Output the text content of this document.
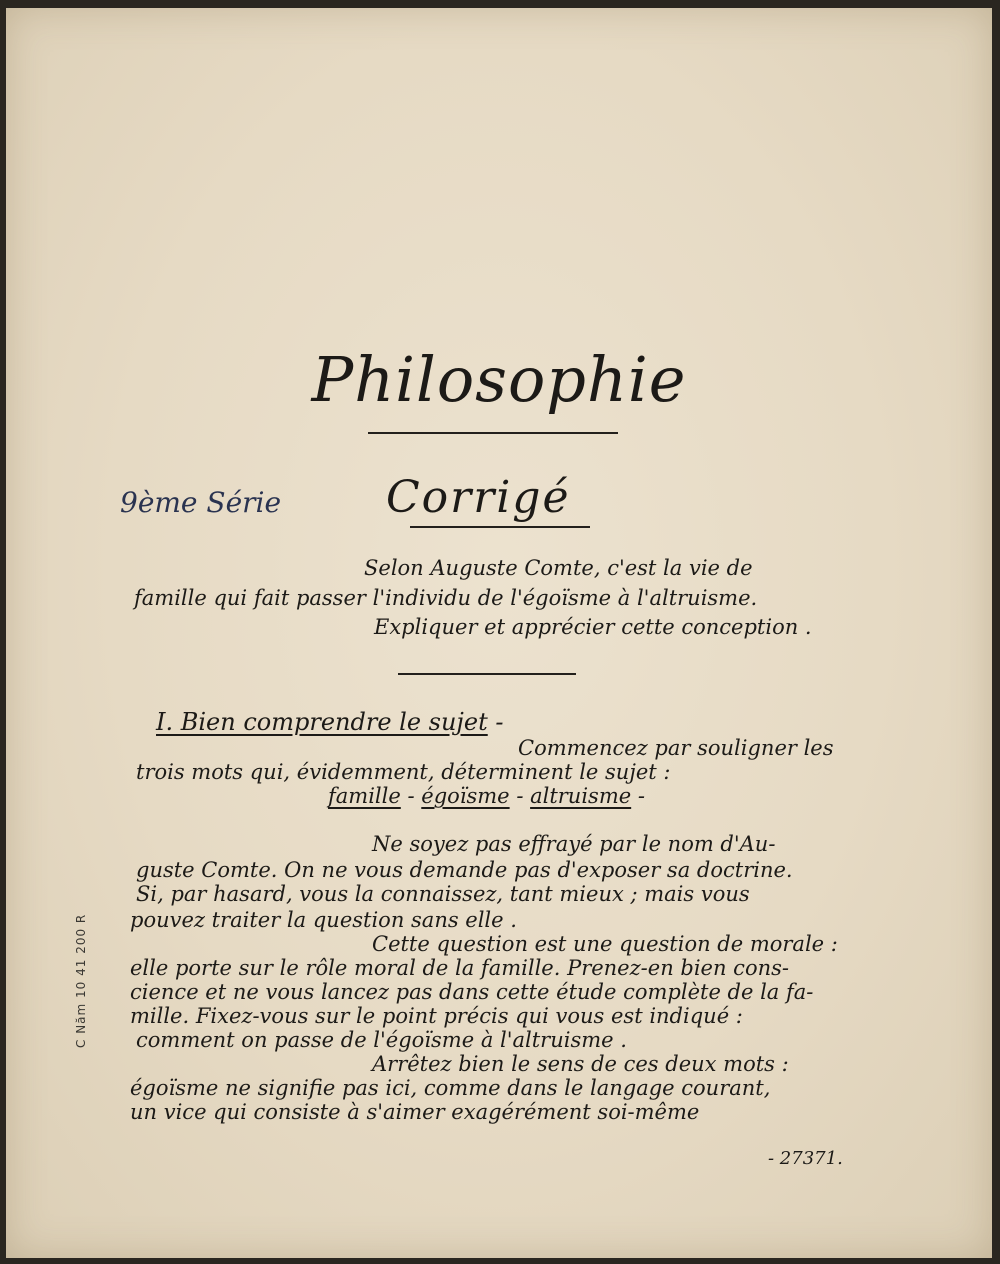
Philosophie
9ème Série Corrigé
Selon Auguste Comte, c'est la vie de
famille qui fait passer l'individu de l'égoïsme à l'altruisme.
Expliquer et apprécier cette conception .
I. Bien comprendre le sujet -
Commencez par souligner les
trois mots qui, évidemment, déterminent le sujet :
famille - égoïsme - altruisme -
Ne soyez pas effrayé par le nom d'Au-
guste Comte. On ne vous demande pas d'exposer sa doctrine.
Si, par hasard, vous la connaissez, tant mieux ; mais vous
pouvez traiter la question sans elle .
Cette question est une question de morale :
elle porte sur le rôle moral de la famille. Prenez-en bien cons-
cience et ne vous lancez pas dans cette étude complète de la fa-
mille. Fixez-vous sur le point précis qui vous est indiqué :
comment on passe de l'égoïsme à l'altruisme .
Arrêtez bien le sens de ces deux mots :
égoïsme ne signifie pas ici, comme dans le langage courant,
un vice qui consiste à s'aimer exagérément soi-même
C Năm 10 41 200 R
- 27371.
